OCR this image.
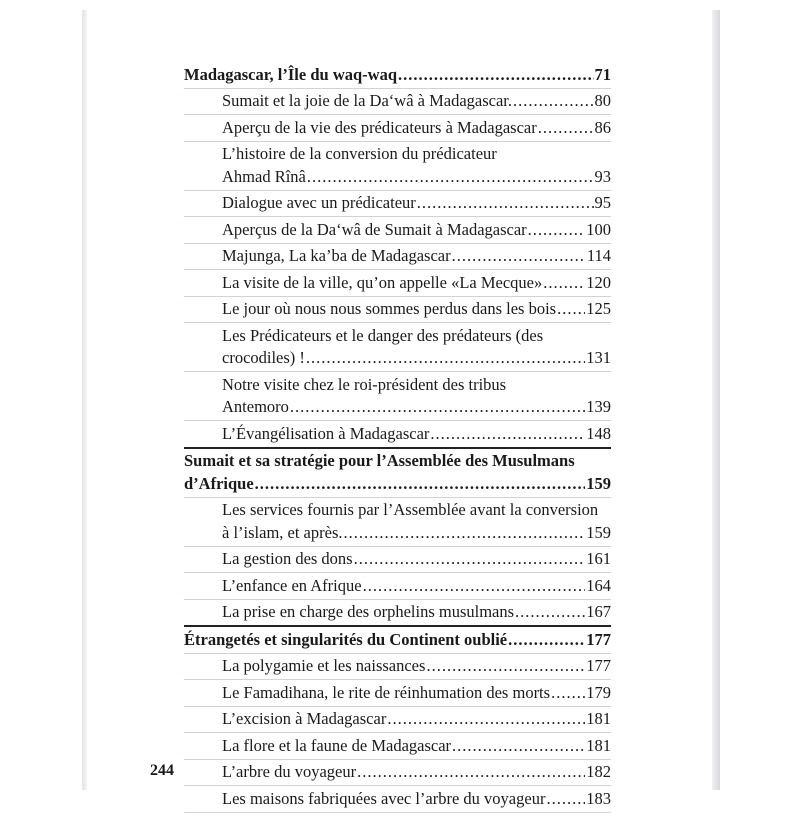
Madagascar, l’Île du waq-waq .....	71
Sumait et la joie de la Da‘wâ à Madagascar. .....	80
Aperçu de la vie des prédicateurs à Madagascar .....	86
L’histoire de la conversion du prédicateur
Ahmad Rînâ .....	93
Dialogue avec un prédicateur .....	95
Aperçus de la Da‘wâ de Sumait à Madagascar .....	100
Majunga, La ka’ba de Madagascar .....	114
La visite de la ville, qu’on appelle «La Mecque» .....	120
Le jour où nous nous sommes perdus dans les bois ..... 125
Les Prédicateurs et le danger des prédateurs (des
crocodiles) ! .....	131
Notre visite chez le roi-président des tribus
Antemoro .....	139
L’Évangélisation à Madagascar .....	148
Sumait et sa stratégie pour l’Assemblée des Musulmans
d’Afrique .....	159
Les services fournis par l’Assemblée avant la conversion
à l’islam, et après. .....	159
La gestion des dons .....	161
L’enfance en Afrique .....	164
La prise en charge des orphelins musulmans .....	167
Étrangetés et singularités du Continent oublié .....	177
La polygamie et les naissances .....	177
Le Famadihana, le rite de réinhumation des morts ..... 179
L’excision à Madagascar .....	181
La flore et la faune de Madagascar .....	181
L’arbre du voyageur .....	182
Les maisons fabriquées avec l’arbre du voyageur ..... 183
244
